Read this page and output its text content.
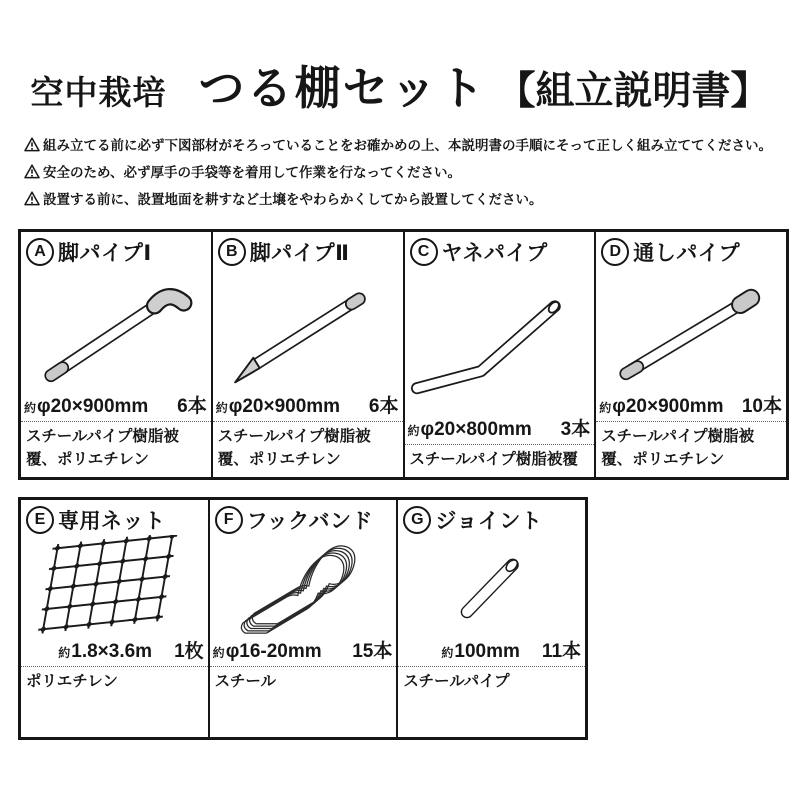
空中栽培 つる棚セット 【組立説明書】
組み立てる前に必ず下図部材がそろっていることをお確かめの上、本説明書の手順にそって正しく組み立ててください。
安全のため、必ず厚手の手袋等を着用して作業を行なってください。
設置する前に、設置地面を耕すなど土壌をやわらかくしてから設置してください。
A 脚パイプⅠ
約φ20×900mm 6本
スチールパイプ樹脂被覆、ポリエチレン
B 脚パイプⅡ
約φ20×900mm 6本
スチールパイプ樹脂被覆、ポリエチレン
C ヤネパイプ
約φ20×800mm 3本
スチールパイプ樹脂被覆
D 通しパイプ
約φ20×900mm 10本
スチールパイプ樹脂被覆、ポリエチレン
E 専用ネット
約1.8×3.6m 1枚
ポリエチレン
F フックバンド
約φ16-20mm 15本
スチール
G ジョイント
約100mm 11本
スチールパイプ
